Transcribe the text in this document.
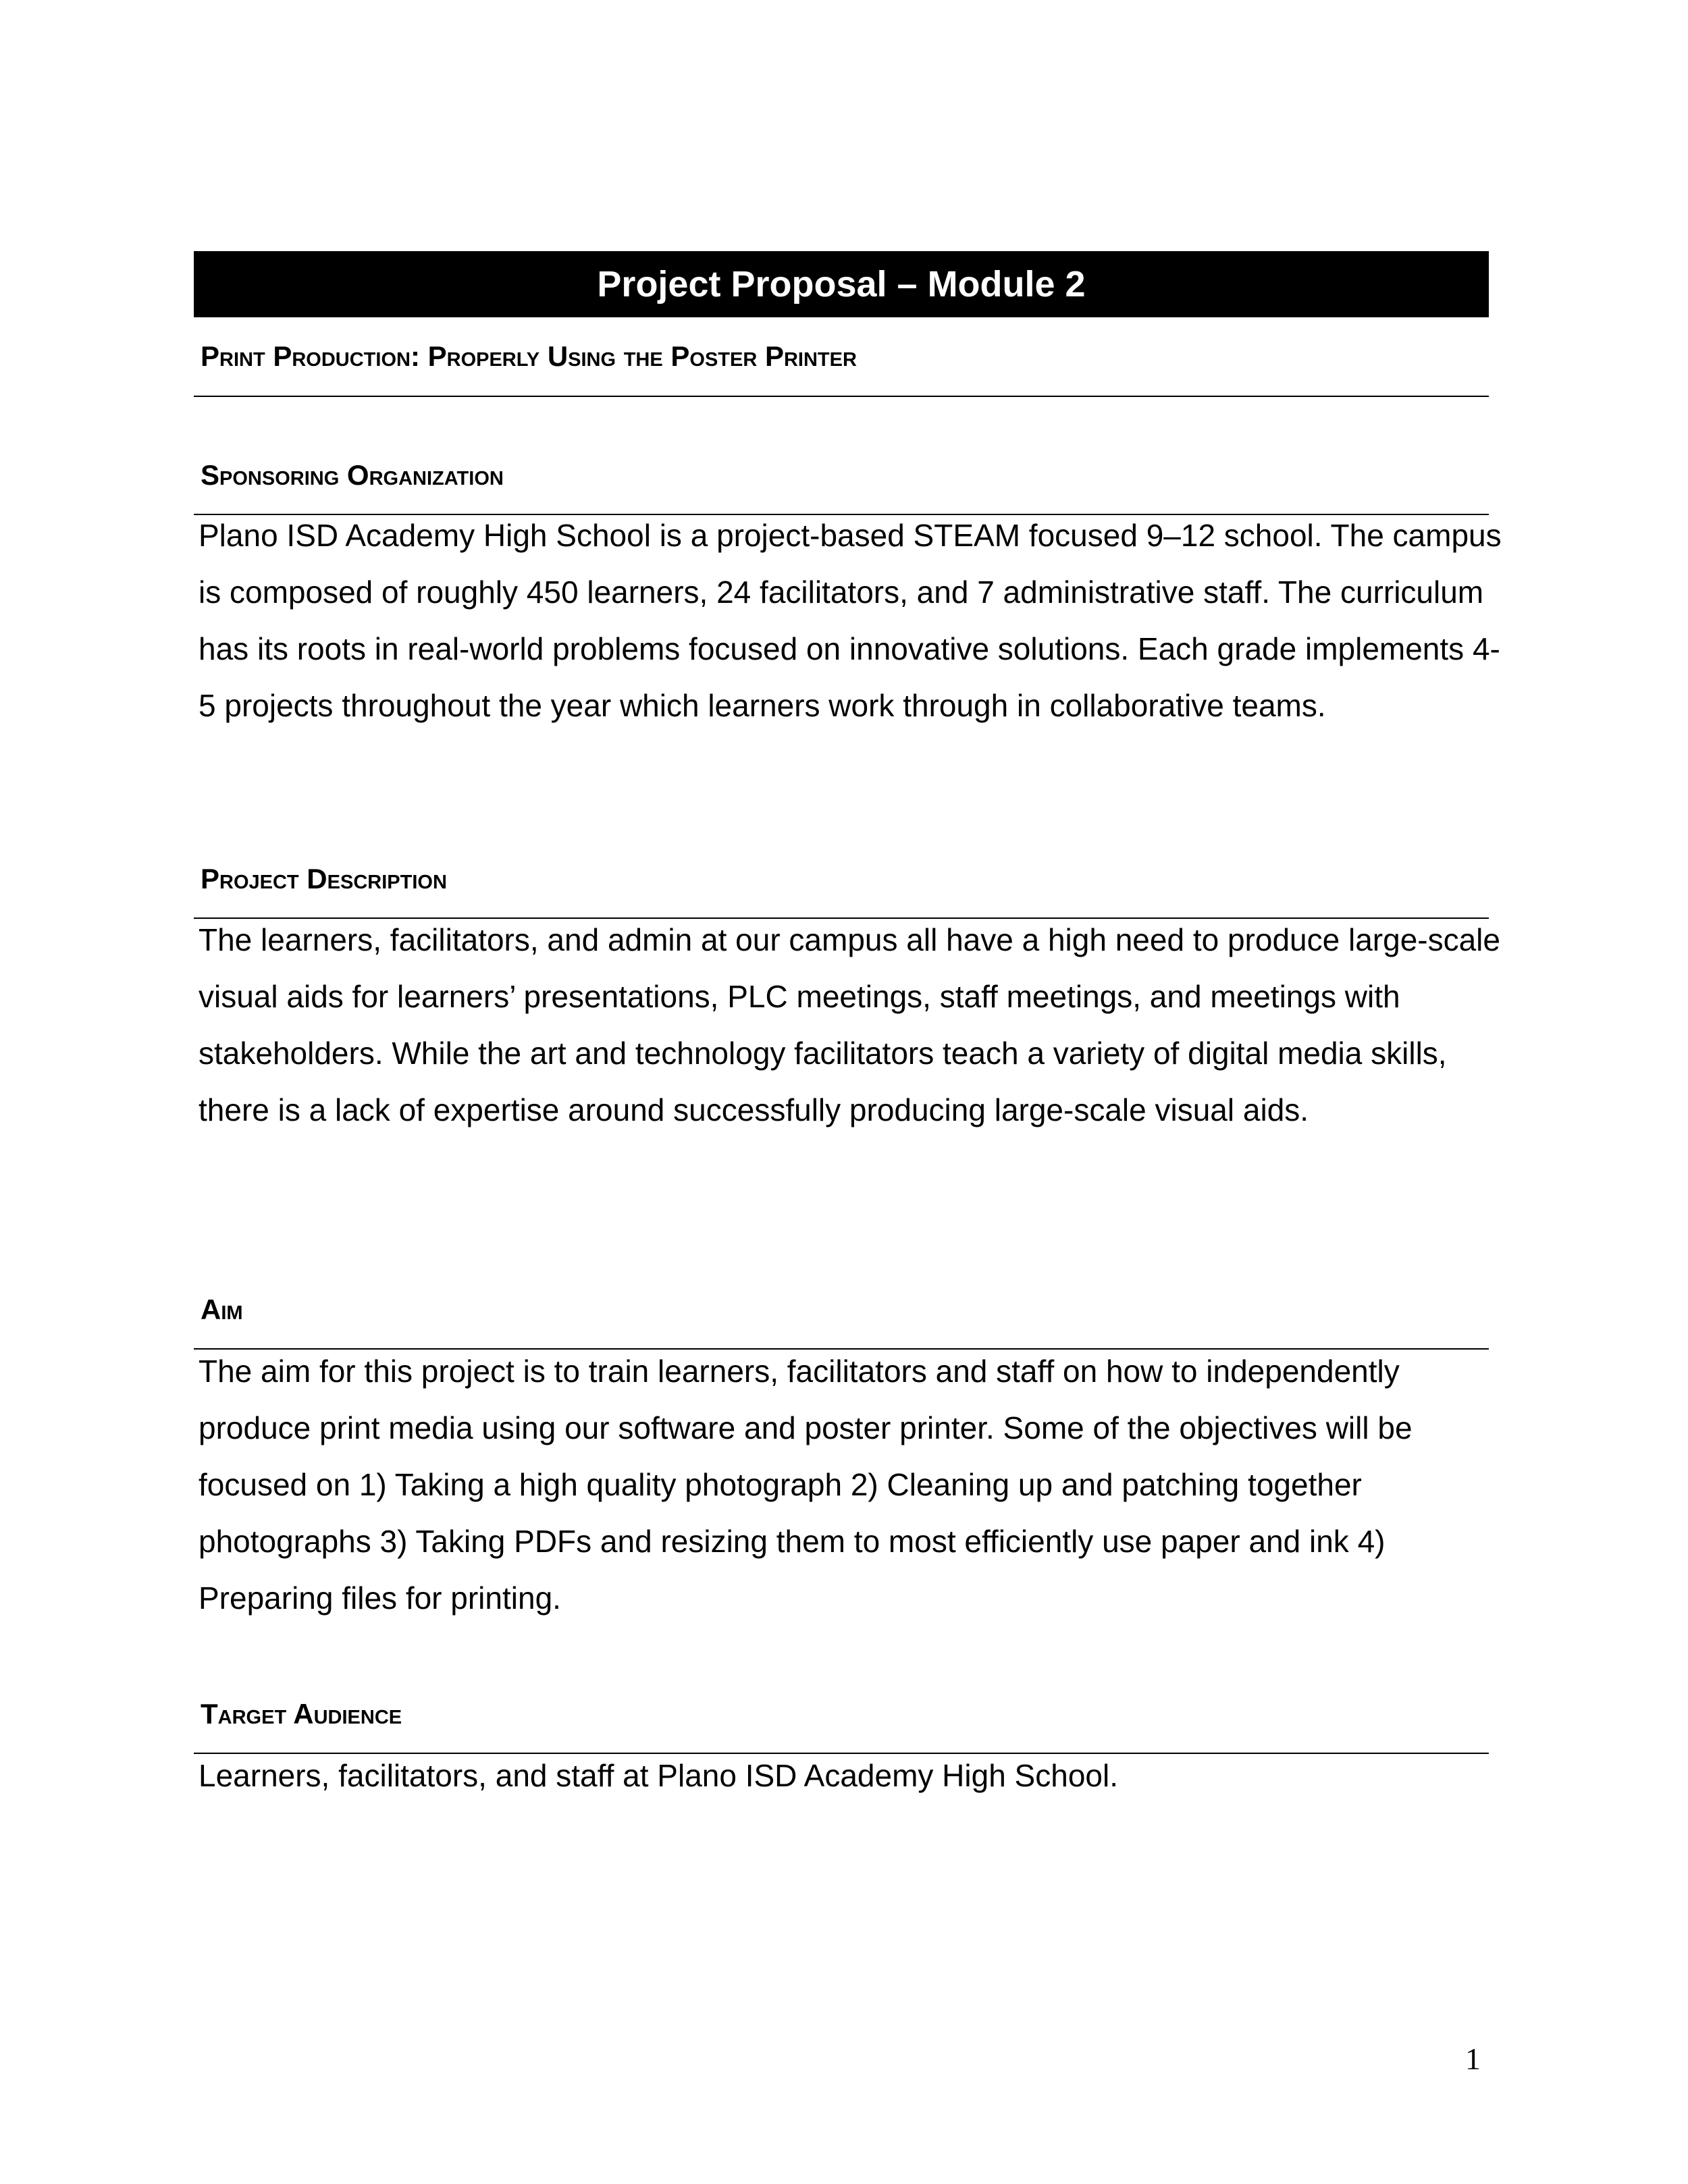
Project Proposal – Module 2
Print Production: Properly Using the Poster Printer
Sponsoring Organization

Plano ISD Academy High School is a project-based STEAM focused 9–12 school. The campus is composed of roughly 450 learners, 24 facilitators, and 7 administrative staff. The curriculum has its roots in real-world problems focused on innovative solutions. Each grade implements 4-5 projects throughout the year which learners work through in collaborative teams.

Project Description

The learners, facilitators, and admin at our campus all have a high need to produce large-scale visual aids for learners’ presentations, PLC meetings, staff meetings, and meetings with stakeholders. While the art and technology facilitators teach a variety of digital media skills, there is a lack of expertise around successfully producing large-scale visual aids.

Aim

The aim for this project is to train learners, facilitators and staff on how to independently produce print media using our software and poster printer. Some of the objectives will be focused on 1) Taking a high quality photograph 2) Cleaning up and patching together photographs 3) Taking PDFs and resizing them to most efficiently use paper and ink 4) Preparing files for printing.

Target Audience

Learners, facilitators, and staff at Plano ISD Academy High School.

1
